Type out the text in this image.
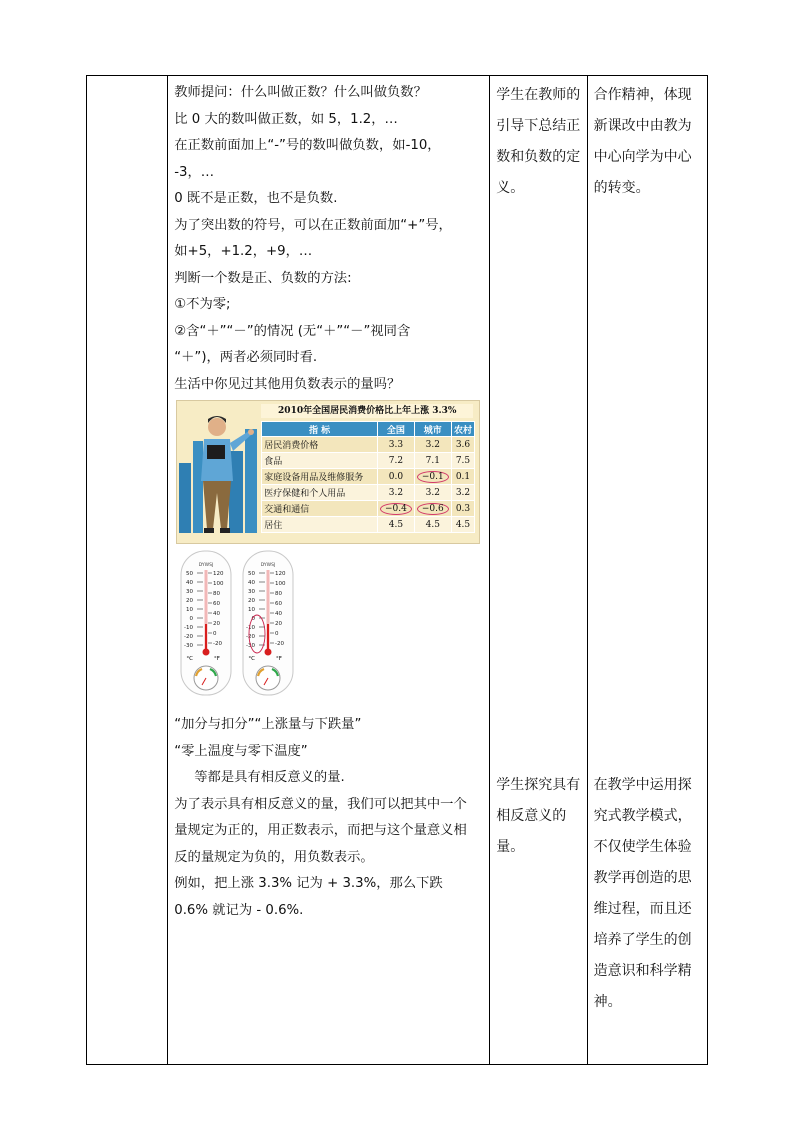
教师提问：什么叫做正数？什么叫做负数？
比 0 大的数叫做正数，如 5，1.2，…
在正数前面加上“-”号的数叫做负数，如-10，
-3，…
0 既不是正数，也不是负数.
为了突出数的符号，可以在正数前面加“+”号，
如+5，+1.2，+9，…
判断一个数是正、负数的方法:
①不为零;
②含“＋”“－”的情况 (无“＋”“－”视同含
“＋”)，两者必须同时看.
生活中你见过其他用负数表示的量吗？
2010年全国居民消费价格比上年上涨 3.3%
指 标	全国	城市	农村
居民消费价格	3.3	3.2	3.6
食品	7.2	7.1	7.5
家庭设备用品及维修服务	0.0	−0.1	0.1
医疗保健和个人用品	3.2	3.2	3.2
交通和通信	−0.4	−0.6	0.3
居住	4.5	4.5	4.5
DYWSJ
50
40
30
20
10
0
-10
-20
-30
120
100
80
60
40
20
0
-20
°C	°F
DYWSJ
50
40
30
20
10
0
-10
-20
-30
120
100
80
60
40
20
0
-20
°C	°F
“加分与扣分”“上涨量与下跌量”
“零上温度与零下温度”
等都是具有相反意义的量.
为了表示具有相反意义的量，我们可以把其中一个
量规定为正的，用正数表示，而把与这个量意义相
反的量规定为负的，用负数表示。
例如，把上涨 3.3% 记为 + 3.3%，那么下跌
0.6% 就记为 - 0.6%.

学生在教师的
引导下总结正
数和负数的定
义。
学生探究具有
相反意义的量。

合作精神，体现
新课改中由教为
中心向学为中心
的转变。
在教学中运用探
究式教学模式，
不仅使学生体验
教学再创造的思
维过程，而且还
培养了学生的创
造意识和科学精
神。
